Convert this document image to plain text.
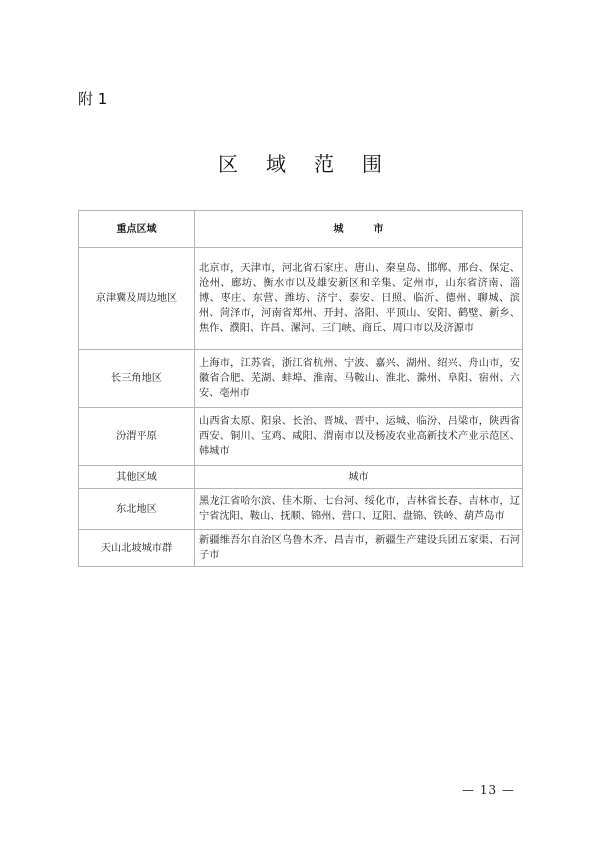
附 1
区域范围
重点区域	城　　　市
京津冀及周边地区	北京市，天津市，河北省石家庄、唐山、秦皇岛、邯郸、邢台、保定、沧州、廊坊、衡水市以及雄安新区和辛集、定州市，山东省济南、淄博、枣庄、东营、潍坊、济宁、泰安、日照、临沂、德州、聊城、滨州、菏泽市，河南省郑州、开封、洛阳、平顶山、安阳、鹤壁、新乡、焦作、濮阳、许昌、漯河、三门峡、商丘、周口市以及济源市
长三角地区	上海市，江苏省，浙江省杭州、宁波、嘉兴、湖州、绍兴、舟山市，安徽省合肥、芜湖、蚌埠、淮南、马鞍山、淮北、滁州、阜阳、宿州、六安、亳州市
汾渭平原	山西省太原、阳泉、长治、晋城、晋中、运城、临汾、吕梁市，陕西省西安、铜川、宝鸡、咸阳、渭南市以及杨凌农业高新技术产业示范区、韩城市
其他区域	城市
东北地区	黑龙江省哈尔滨、佳木斯、七台河、绥化市，吉林省长春、吉林市，辽宁省沈阳、鞍山、抚顺、锦州、营口、辽阳、盘锦、铁岭、葫芦岛市
天山北坡城市群	新疆维吾尔自治区乌鲁木齐、昌吉市，新疆生产建设兵团五家渠、石河子市
— 13 —
